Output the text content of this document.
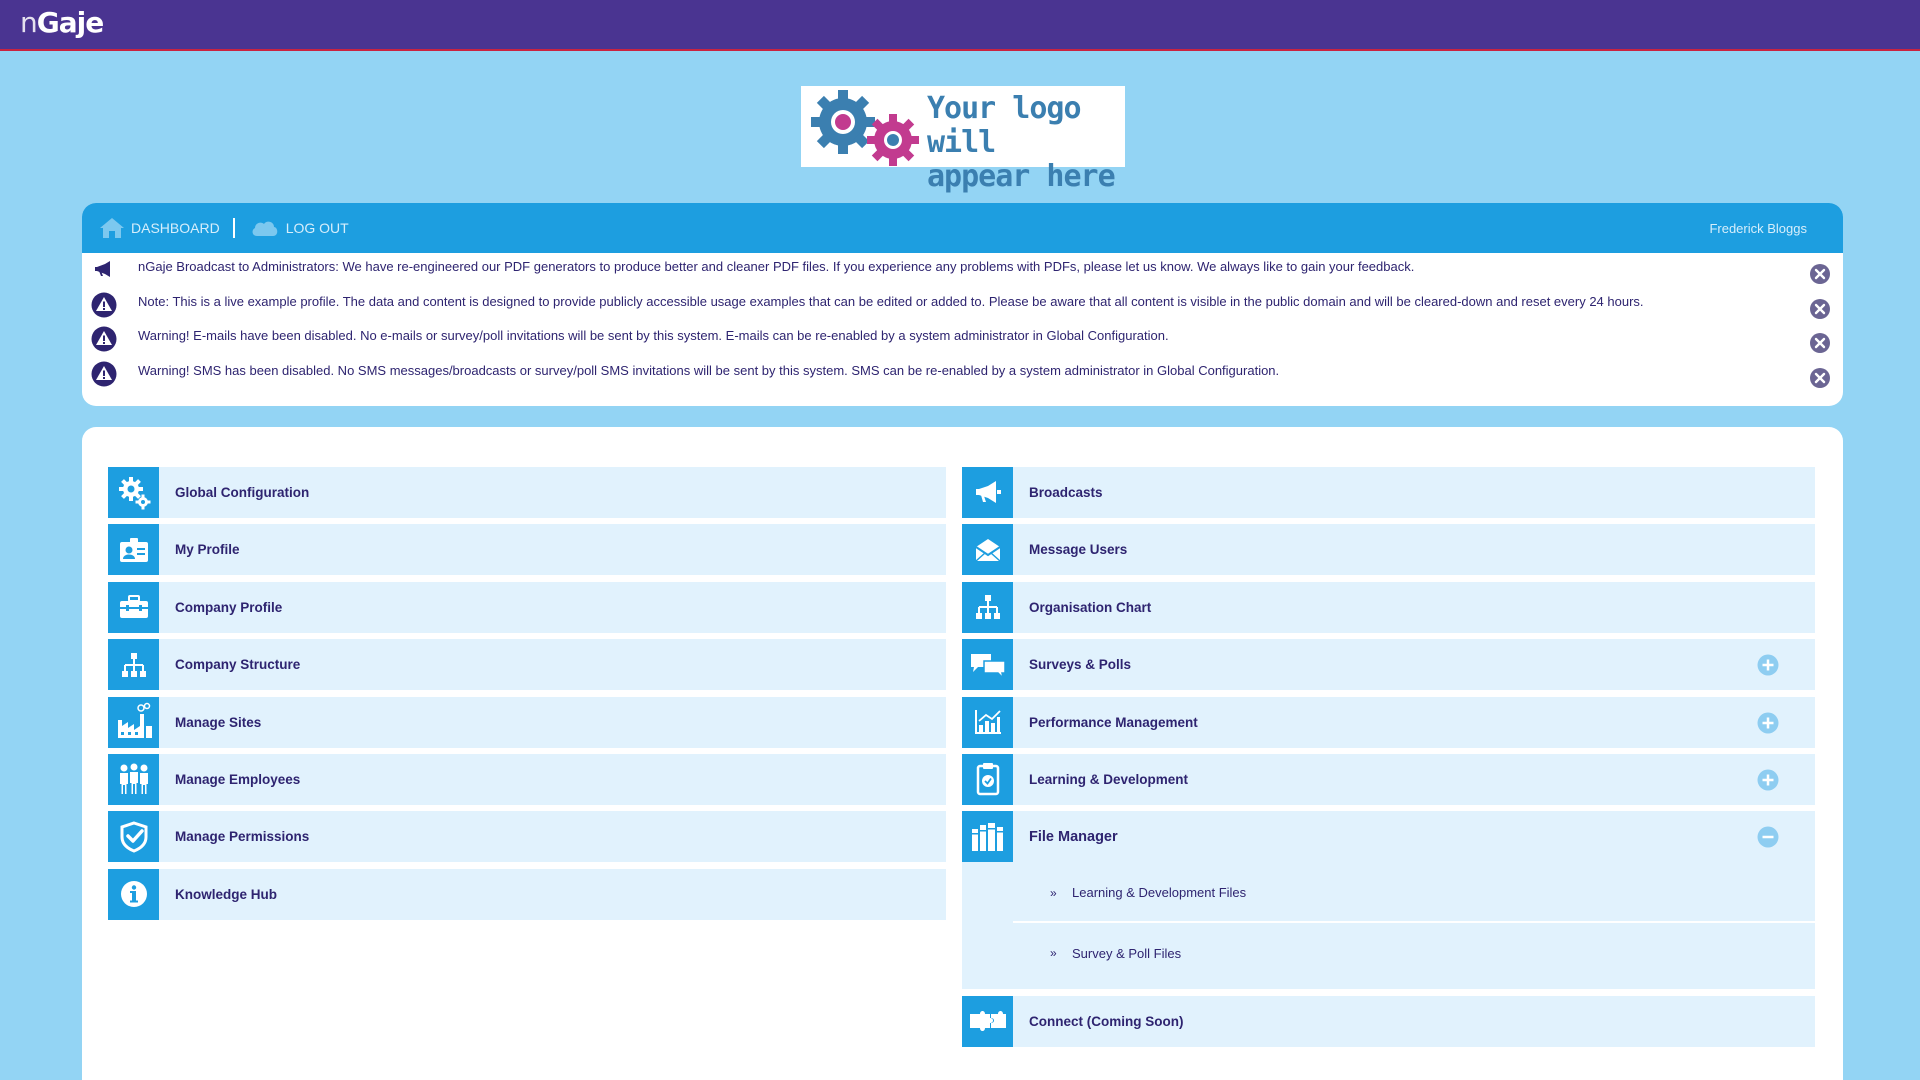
nGaje
Your logo will
appear here
DASHBOARD	LOG OUT	Frederick Bloggs
nGaje Broadcast to Administrators: We have re-engineered our PDF generators to produce better and cleaner PDF files. If you experience any problems with PDFs, please let us know. We always like to gain your feedback.
Note: This is a live example profile. The data and content is designed to provide publicly accessible usage examples that can be edited or added to. Please be aware that all content is visible in the public domain and will be cleared-down and reset every 24 hours.
Warning! E-mails have been disabled. No e-mails or survey/poll invitations will be sent by this system. E-mails can be re-enabled by a system administrator in Global Configuration.
Warning! SMS has been disabled. No SMS messages/broadcasts or survey/poll SMS invitations will be sent by this system. SMS can be re-enabled by a system administrator in Global Configuration.
Global Configuration
My Profile
Company Profile
Company Structure
Manage Sites
Manage Employees
Manage Permissions
Knowledge Hub
Broadcasts
Message Users
Organisation Chart
Surveys & Polls
Performance Management
Learning & Development
File Manager
»	Learning & Development Files
»	Survey & Poll Files
Connect (Coming Soon)
